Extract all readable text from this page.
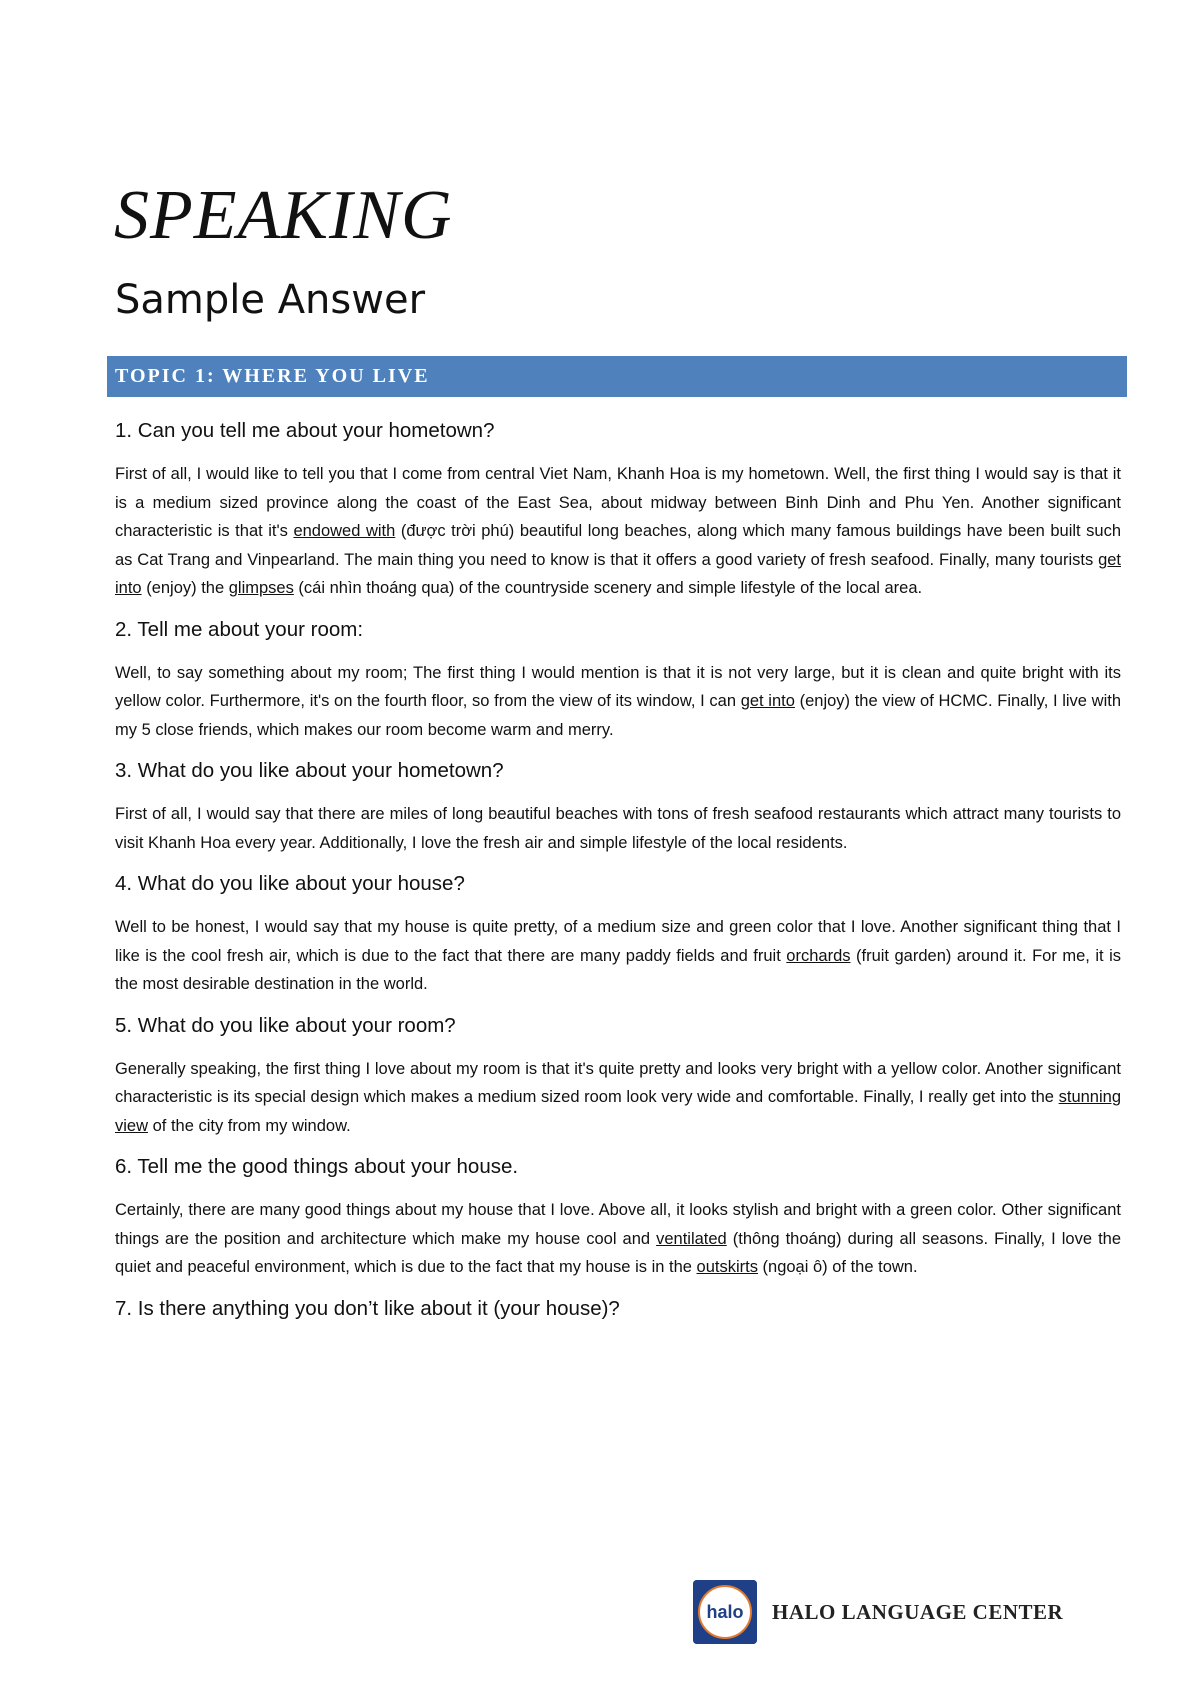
SPEAKING
Sample Answer
TOPIC 1: WHERE YOU LIVE

1. Can you tell me about your hometown?

First of all, I would like to tell you that I come from central Viet Nam, Khanh Hoa is my hometown. Well, the first thing I would say is that it is a medium sized province along the coast of the East Sea, about midway between Binh Dinh and Phu Yen. Another significant characteristic is that it's endowed with (được trời phú) beautiful long beaches, along which many famous buildings have been built such as Cat Trang and Vinpearland. The main thing you need to know is that it offers a good variety of fresh seafood. Finally, many tourists get into (enjoy) the glimpses (cái nhìn thoáng qua) of the countryside scenery and simple lifestyle of the local area.

2. Tell me about your room:

Well, to say something about my room; The first thing I would mention is that it is not very large, but it is clean and quite bright with its yellow color. Furthermore, it's on the fourth floor, so from the view of its window, I can get into (enjoy) the view of HCMC. Finally, I live with my 5 close friends, which makes our room become warm and merry.

3. What do you like about your hometown?

First of all, I would say that there are miles of long beautiful beaches with tons of fresh seafood restaurants which attract many tourists to visit Khanh Hoa every year. Additionally, I love the fresh air and simple lifestyle of the local residents.

4. What do you like about your house?

Well to be honest, I would say that my house is quite pretty, of a medium size and green color that I love. Another significant thing that I like is the cool fresh air, which is due to the fact that there are many paddy fields and fruit orchards (fruit garden) around it. For me, it is the most desirable destination in the world.

5. What do you like about your room?

Generally speaking, the first thing I love about my room is that it's quite pretty and looks very bright with a yellow color. Another significant characteristic is its special design which makes a medium sized room look very wide and comfortable. Finally, I really get into the stunning view of the city from my window.

6. Tell me the good things about your house.

Certainly, there are many good things about my house that I love. Above all, it looks stylish and bright with a green color. Other significant things are the position and architecture which make my house cool and ventilated (thông thoáng) during all seasons. Finally, I love the quiet and peaceful environment, which is due to the fact that my house is in the outskirts (ngoại ô) of the town.

7. Is there anything you don’t like about it (your house)?

halo HALO LANGUAGE CENTER
